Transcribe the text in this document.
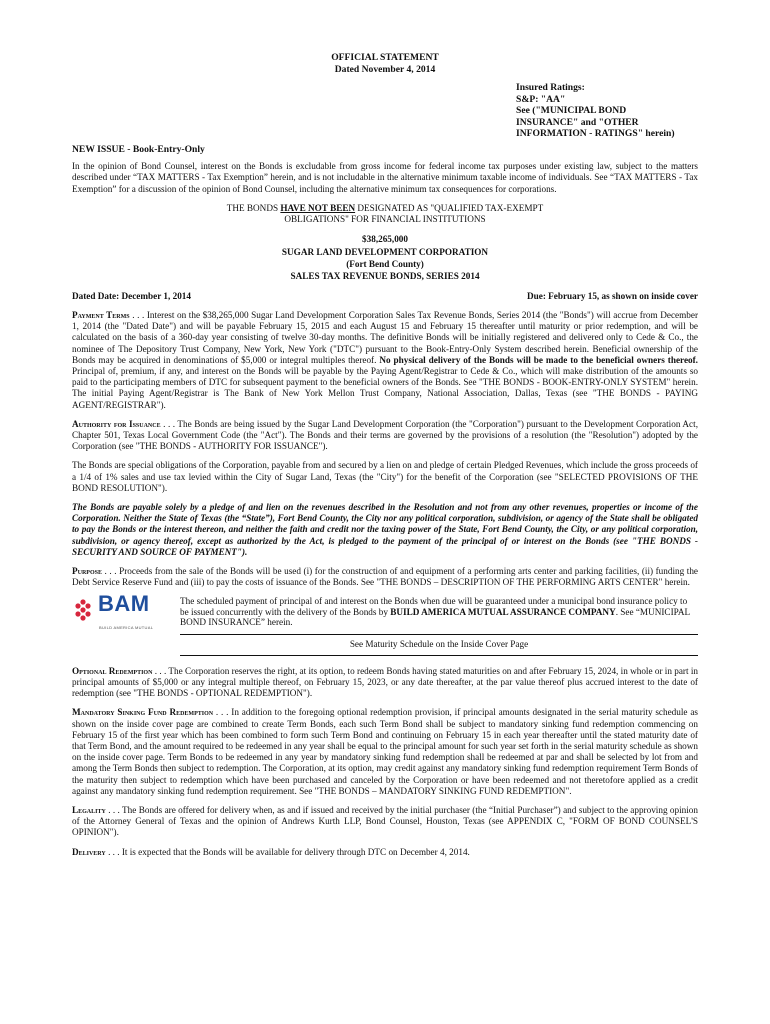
OFFICIAL STATEMENT
Dated November 4, 2014
Insured Ratings:
S&P: "AA"
See ("MUNICIPAL BOND
INSURANCE" and "OTHER
INFORMATION - RATINGS" herein)
NEW ISSUE - Book-Entry-Only

In the opinion of Bond Counsel, interest on the Bonds is excludable from gross income for federal income tax purposes under existing law, subject to the matters described under “TAX MATTERS - Tax Exemption” herein, and is not includable in the alternative minimum taxable income of individuals. See “TAX MATTERS - Tax Exemption” for a discussion of the opinion of Bond Counsel, including the alternative minimum tax consequences for corporations.

THE BONDS HAVE NOT BEEN DESIGNATED AS "QUALIFIED TAX-EXEMPT
OBLIGATIONS" FOR FINANCIAL INSTITUTIONS
$38,265,000
SUGAR LAND DEVELOPMENT CORPORATION
(Fort Bend County)
SALES TAX REVENUE BONDS, SERIES 2014
Dated Date: December 1, 2014	Due: February 15, as shown on inside cover

Payment Terms . . . Interest on the $38,265,000 Sugar Land Development Corporation Sales Tax Revenue Bonds, Series 2014 (the "Bonds") will accrue from December 1, 2014 (the "Dated Date") and will be payable February 15, 2015 and each August 15 and February 15 thereafter until maturity or prior redemption, and will be calculated on the basis of a 360-day year consisting of twelve 30-day months. The definitive Bonds will be initially registered and delivered only to Cede & Co., the nominee of The Depository Trust Company, New York, New York ("DTC") pursuant to the Book-Entry-Only System described herein. Beneficial ownership of the Bonds may be acquired in denominations of $5,000 or integral multiples thereof. No physical delivery of the Bonds will be made to the beneficial owners thereof. Principal of, premium, if any, and interest on the Bonds will be payable by the Paying Agent/Registrar to Cede & Co., which will make distribution of the amounts so paid to the participating members of DTC for subsequent payment to the beneficial owners of the Bonds. See "THE BONDS - BOOK-ENTRY-ONLY SYSTEM" herein. The initial Paying Agent/Registrar is The Bank of New York Mellon Trust Company, National Association, Dallas, Texas (see "THE BONDS - PAYING AGENT/REGISTRAR").

Authority for Issuance . . . The Bonds are being issued by the Sugar Land Development Corporation (the "Corporation") pursuant to the Development Corporation Act, Chapter 501, Texas Local Government Code (the "Act"). The Bonds and their terms are governed by the provisions of a resolution (the "Resolution") adopted by the Corporation (see "THE BONDS - AUTHORITY FOR ISSUANCE").

The Bonds are special obligations of the Corporation, payable from and secured by a lien on and pledge of certain Pledged Revenues, which include the gross proceeds of a 1/4 of 1% sales and use tax levied within the City of Sugar Land, Texas (the "City") for the benefit of the Corporation (see "SELECTED PROVISIONS OF THE BOND RESOLUTION").

The Bonds are payable solely by a pledge of and lien on the revenues described in the Resolution and not from any other revenues, properties or income of the Corporation. Neither the State of Texas (the “State”), Fort Bend County, the City nor any political corporation, subdivision, or agency of the State shall be obligated to pay the Bonds or the interest thereon, and neither the faith and credit nor the taxing power of the State, Fort Bend County, the City, or any political corporation, subdivision, or agency thereof, except as authorized by the Act, is pledged to the payment of the principal of or interest on the Bonds (see "THE BONDS - SECURITY AND SOURCE OF PAYMENT").

Purpose . . . Proceeds from the sale of the Bonds will be used (i) for the construction of and equipment of a performing arts center and parking facilities, (ii) funding the Debt Service Reserve Fund and (iii) to pay the costs of issuance of the Bonds. See "THE BONDS – DESCRIPTION OF THE PERFORMING ARTS CENTER" herein.

BAM
BUILD AMERICA MUTUAL
The scheduled payment of principal of and interest on the Bonds when due will be guaranteed under a municipal bond insurance policy to be issued concurrently with the delivery of the Bonds by BUILD AMERICA MUTUAL ASSURANCE COMPANY. See “MUNICIPAL BOND INSURANCE” herein.
See Maturity Schedule on the Inside Cover Page

Optional Redemption . . . The Corporation reserves the right, at its option, to redeem Bonds having stated maturities on and after February 15, 2024, in whole or in part in principal amounts of $5,000 or any integral multiple thereof, on February 15, 2023, or any date thereafter, at the par value thereof plus accrued interest to the date of redemption (see "THE BONDS - OPTIONAL REDEMPTION").

Mandatory Sinking Fund Redemption . . . In addition to the foregoing optional redemption provision, if principal amounts designated in the serial maturity schedule as shown on the inside cover page are combined to create Term Bonds, each such Term Bond shall be subject to mandatory sinking fund redemption commencing on February 15 of the first year which has been combined to form such Term Bond and continuing on February 15 in each year thereafter until the stated maturity date of that Term Bond, and the amount required to be redeemed in any year shall be equal to the principal amount for such year set forth in the serial maturity schedule as shown on the inside cover page. Term Bonds to be redeemed in any year by mandatory sinking fund redemption shall be redeemed at par and shall be selected by lot from and among the Term Bonds then subject to redemption. The Corporation, at its option, may credit against any mandatory sinking fund redemption requirement Term Bonds of the maturity then subject to redemption which have been purchased and canceled by the Corporation or have been redeemed and not theretofore applied as a credit against any mandatory sinking fund redemption requirement. See "THE BONDS – MANDATORY SINKING FUND REDEMPTION".

Legality . . . The Bonds are offered for delivery when, as and if issued and received by the initial purchaser (the “Initial Purchaser”) and subject to the approving opinion of the Attorney General of Texas and the opinion of Andrews Kurth LLP, Bond Counsel, Houston, Texas (see APPENDIX C, "FORM OF BOND COUNSEL'S OPINION").

Delivery . . . It is expected that the Bonds will be available for delivery through DTC on December 4, 2014.
